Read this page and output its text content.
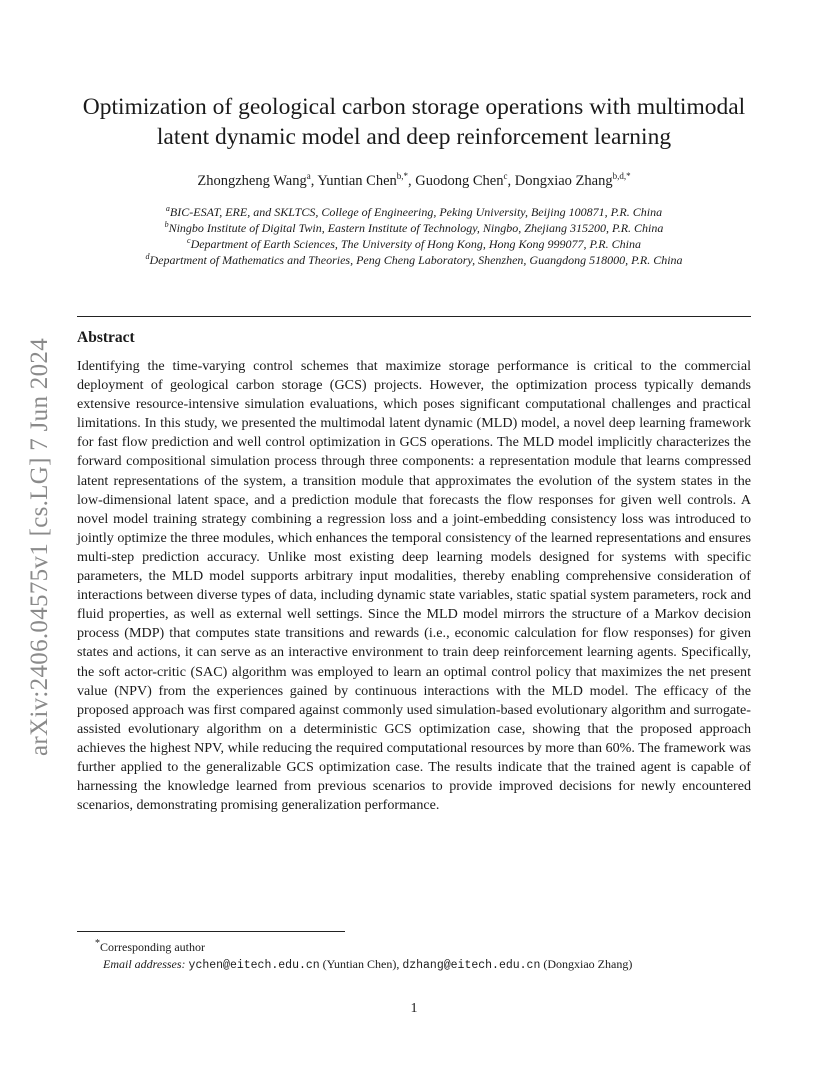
arXiv:2406.04575v1 [cs.LG] 7 Jun 2024
Optimization of geological carbon storage operations with multimodal
latent dynamic model and deep reinforcement learning
Zhongzheng Wang$^a$, Yuntian Chen$^{b,*}$, Guodong Chen$^c$, Dongxiao Zhang$^{b,d,*}$
$^a$BIC-ESAT, ERE, and SKLTCS, College of Engineering, Peking University, Beijing 100871, P.R. China
$^b$Ningbo Institute of Digital Twin, Eastern Institute of Technology, Ningbo, Zhejiang 315200, P.R. China
$^c$Department of Earth Sciences, The University of Hong Kong, Hong Kong 999077, P.R. China
$^d$Department of Mathematics and Theories, Peng Cheng Laboratory, Shenzhen, Guangdong 518000, P.R. China
Abstract

Identifying the time-varying control schemes that maximize storage performance is critical to the commercial deployment of geological carbon storage (GCS) projects. However, the optimization process typically demands extensive resource-intensive simulation evaluations, which poses significant computational challenges and practical limitations. In this study, we presented the multimodal latent dynamic (MLD) model, a novel deep learning framework for fast flow prediction and well control optimization in GCS operations. The MLD model implicitly characterizes the forward compositional simulation process through three components: a representation module that learns compressed latent representations of the system, a transition module that approximates the evolution of the system states in the low-dimensional latent space, and a prediction module that forecasts the flow responses for given well controls. A novel model training strategy combining a regression loss and a joint-embedding consistency loss was introduced to jointly optimize the three modules, which enhances the temporal consistency of the learned representations and ensures multi-step prediction accuracy. Unlike most existing deep learning models designed for systems with specific parameters, the MLD model supports arbitrary input modalities, thereby enabling comprehensive consideration of interactions between diverse types of data, including dynamic state variables, static spatial system parameters, rock and fluid properties, as well as external well settings. Since the MLD model mirrors the structure of a Markov decision process (MDP) that computes state transitions and rewards (i.e., economic calculation for flow responses) for given states and actions, it can serve as an interactive environment to train deep reinforcement learning agents. Specifically, the soft actor-critic (SAC) algorithm was employed to learn an optimal control policy that maximizes the net present value (NPV) from the experiences gained by continuous interactions with the MLD model. The efficacy of the proposed approach was first compared against commonly used simulation-based evolutionary algorithm and surrogate-assisted evolutionary algorithm on a deterministic GCS optimization case, showing that the proposed approach achieves the highest NPV, while reducing the required computational resources by more than 60%. The framework was further applied to the generalizable GCS optimization case. The results indicate that the trained agent is capable of harnessing the knowledge learned from previous scenarios to provide improved decisions for newly encountered scenarios, demonstrating promising generalization performance.

*Corresponding author
Email addresses: ychen@eitech.edu.cn (Yuntian Chen), dzhang@eitech.edu.cn (Dongxiao Zhang)
1
